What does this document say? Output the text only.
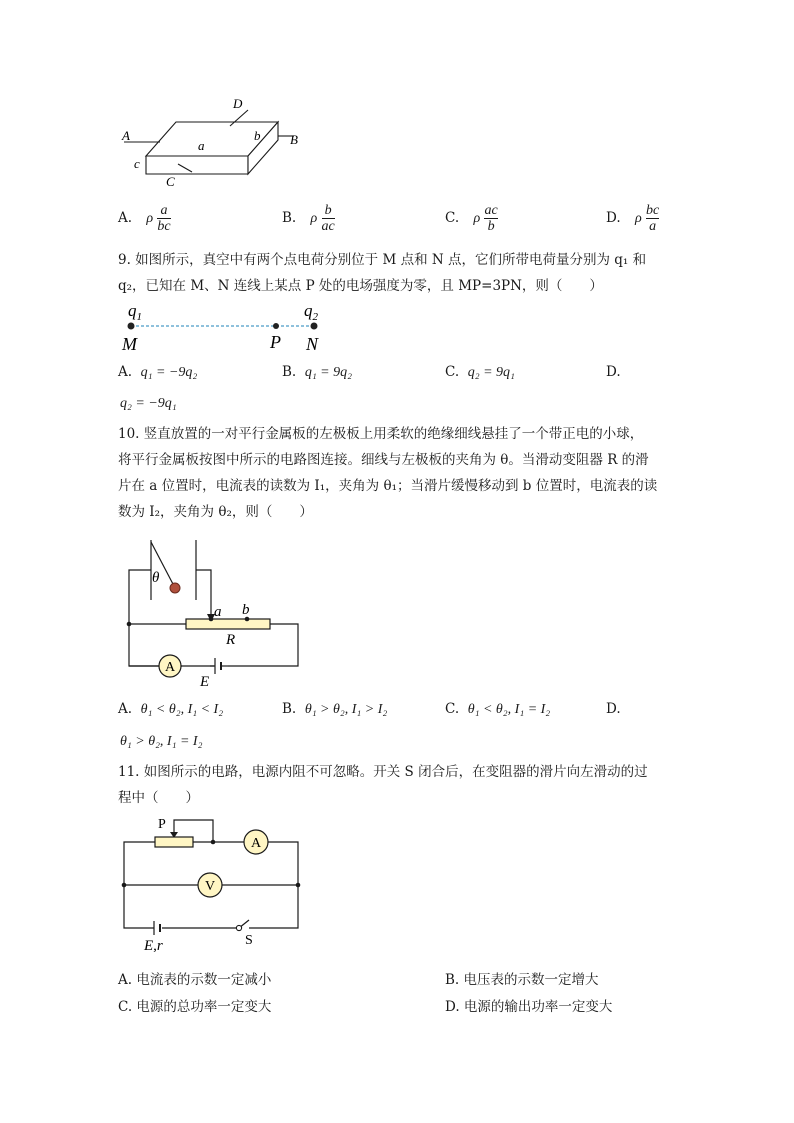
D
A	B
C
a
b
c
A. ρ $\frac{a}{bc}$	B. ρ $\frac{b}{ac}$	C. ρ $\frac{ac}{b}$	D. ρ $\frac{bc}{a}$
9. 如图所示，真空中有两个点电荷分别位于 M 点和 N 点，它们所带电荷量分别为 q₁ 和
q₂，已知在 M、N 连线上某点 P 处的电场强度为零，且 MP=3PN，则（　　）
$q_1$	$q_2$
M	P N
A. q₁ = −9q₂	B. q₁ = 9q₂	C. q₂ = 9q₁	D.
q₂ = −9q₁
10. 竖直放置的一对平行金属板的左极板上用柔软的绝缘细线悬挂了一个带正电的小球，
将平行金属板按图中所示的电路图连接。细线与左极板的夹角为 θ。当滑动变阻器 R 的滑
片在 a 位置时，电流表的读数为 I₁，夹角为 θ₁；当滑片缓慢移动到 b 位置时，电流表的读
数为 I₂，夹角为 θ₂，则（　　）
θ
a b
R
A
E
A. θ₁ < θ₂, I₁ < I₂	B. θ₁ > θ₂, I₁ > I₂	C. θ₁ < θ₂, I₁ = I₂	D.
θ₁ > θ₂, I₁ = I₂
11. 如图所示的电路，电源内阻不可忽略。开关 S 闭合后，在变阻器的滑片向左滑动的过
程中（　　）
P
A
V
E,r	S
A. 电流表的示数一定减小	B. 电压表的示数一定增大
C. 电源的总功率一定变大	D. 电源的输出功率一定变大
